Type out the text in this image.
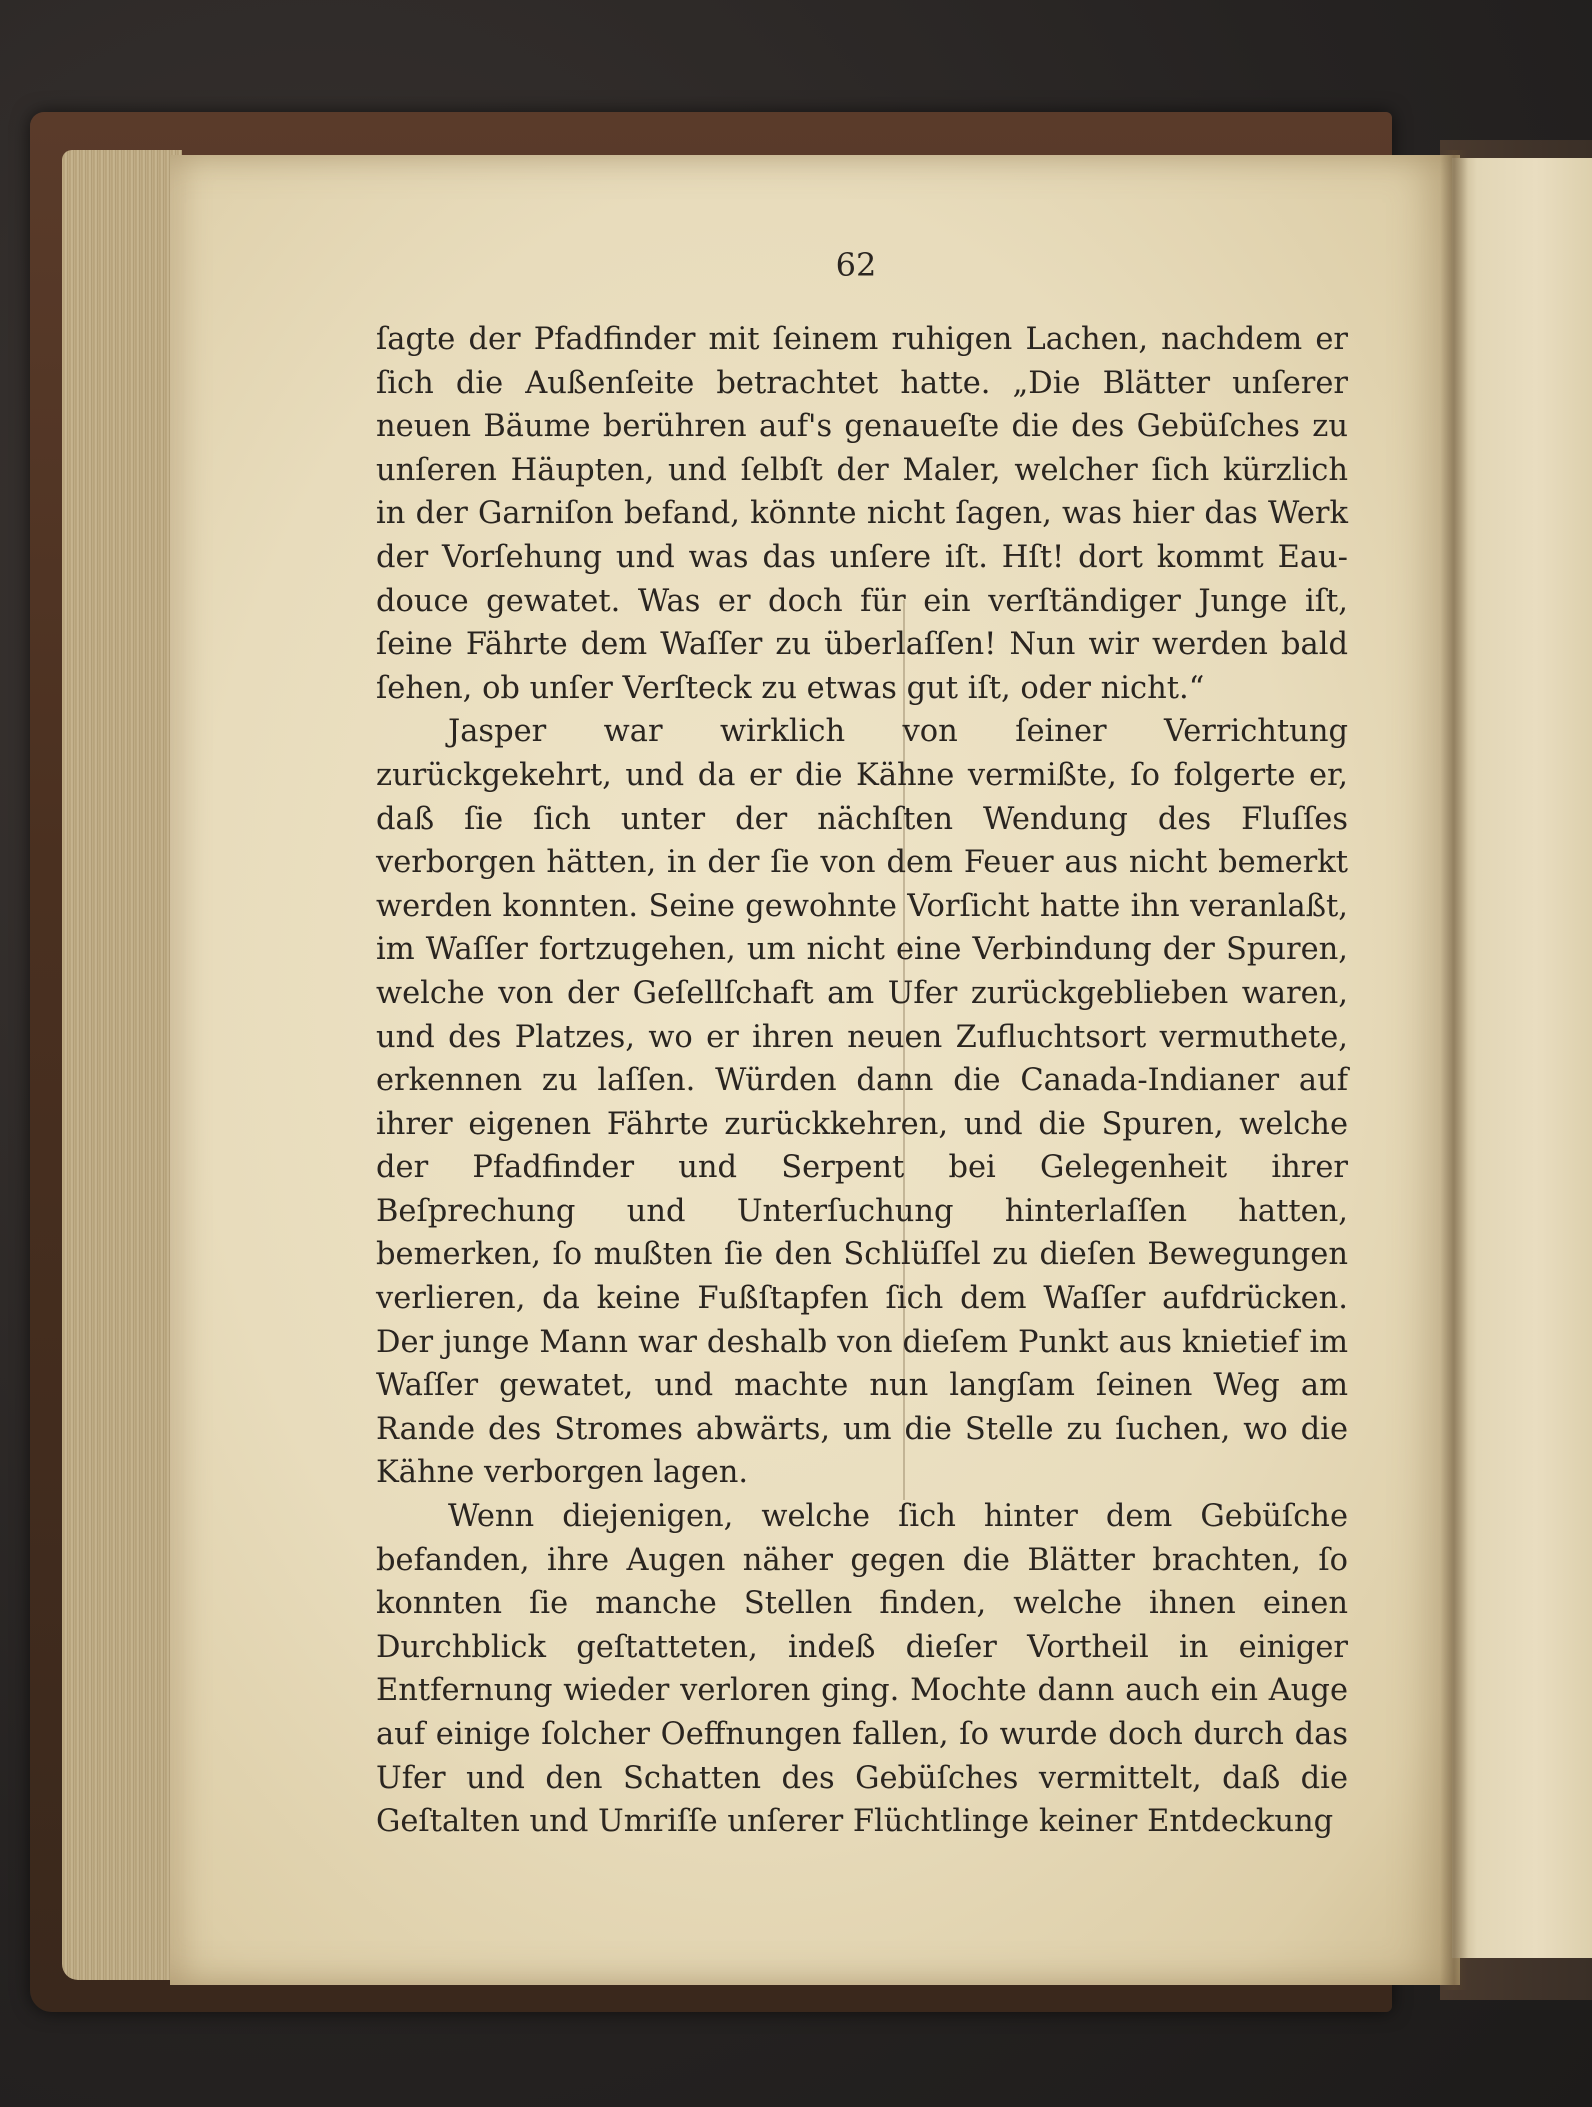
62

ſagte der Pfadfinder mit ſeinem ruhigen Lachen, nachdem er ſich die Außenſeite betrachtet hatte. „Die Blätter unſerer neuen Bäume berühren auf's genaueſte die des Gebüſches zu unſeren Häupten, und ſelbſt der Maler, welcher ſich kürzlich in der Garniſon befand, könnte nicht ſagen, was hier das Werk der Vorſehung und was das unſere iſt. Hſt! dort kommt Eau-douce gewatet. Was er doch für ein verſtändiger Junge iſt, ſeine Fährte dem Waſſer zu überlaſſen! Nun wir werden bald ſehen, ob unſer Verſteck zu etwas gut iſt, oder nicht.“

Jasper war wirklich von ſeiner Verrichtung zurückgekehrt, und da er die Kähne vermißte, ſo folgerte er, daß ſie ſich unter der nächſten Wendung des Fluſſes verborgen hätten, in der ſie von dem Feuer aus nicht bemerkt werden konnten. Seine gewohnte Vorſicht hatte ihn veranlaßt, im Waſſer fortzugehen, um nicht eine Verbindung der Spuren, welche von der Geſellſchaft am Ufer zurückgeblieben waren, und des Platzes, wo er ihren neuen Zufluchtsort vermuthete, erkennen zu laſſen. Würden dann die Canada-Indianer auf ihrer eigenen Fährte zurückkehren, und die Spuren, welche der Pfadfinder und Serpent bei Gelegenheit ihrer Beſprechung und Unterſuchung hinterlaſſen hatten, bemerken, ſo mußten ſie den Schlüſſel zu dieſen Bewegungen verlieren, da keine Fußſtapfen ſich dem Waſſer aufdrücken. Der junge Mann war deshalb von dieſem Punkt aus knietief im Waſſer gewatet, und machte nun langſam ſeinen Weg am Rande des Stromes abwärts, um die Stelle zu ſuchen, wo die Kähne verborgen lagen.

Wenn diejenigen, welche ſich hinter dem Gebüſche befanden, ihre Augen näher gegen die Blätter brachten, ſo konnten ſie manche Stellen finden, welche ihnen einen Durchblick geſtatteten, indeß dieſer Vortheil in einiger Entfernung wieder verloren ging. Mochte dann auch ein Auge auf einige ſolcher Oeffnungen fallen, ſo wurde doch durch das Ufer und den Schatten des Gebüſches vermittelt, daß die Geſtalten und Umriſſe unſerer Flüchtlinge keiner Entdeckung
